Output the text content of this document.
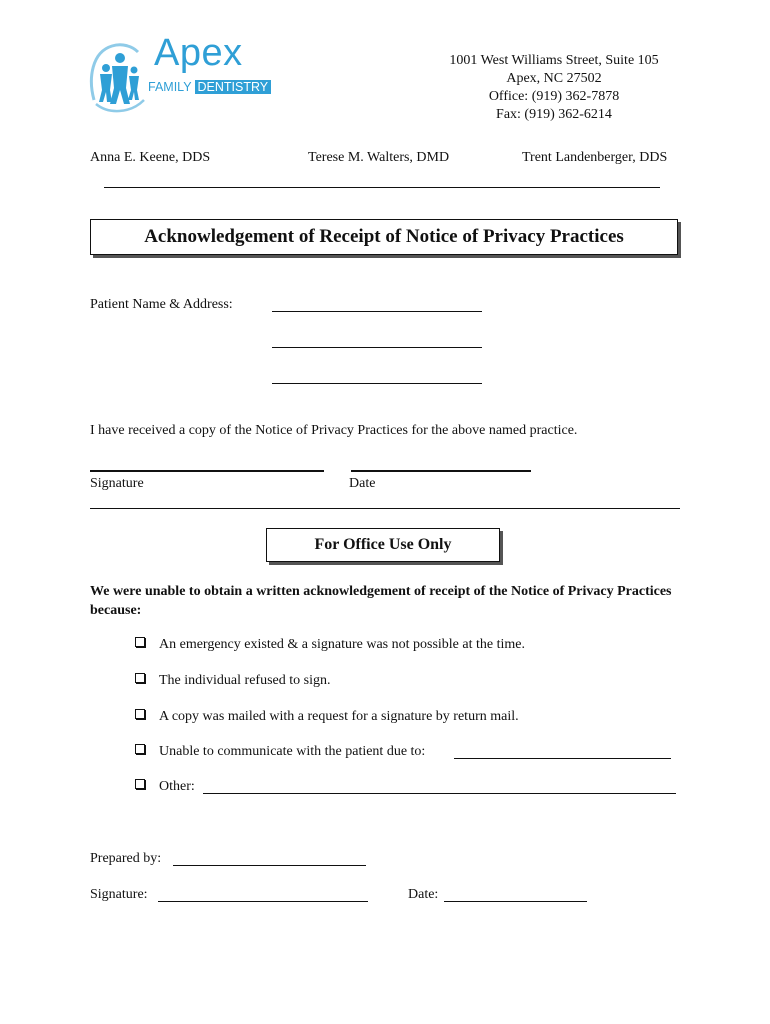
Apex
FAMILY DENTISTRY
1001 West Williams Street, Suite 105
Apex, NC 27502
Office: (919) 362-7878
Fax: (919) 362-6214
Anna E. Keene, DDS	Terese M. Walters, DMD	Trent Landenberger, DDS
Acknowledgement of Receipt of Notice of Privacy Practices
Patient Name & Address:
I have received a copy of the Notice of Privacy Practices for the above named practice.
Signature	Date
For Office Use Only
We were unable to obtain a written acknowledgement of receipt of the Notice of Privacy Practices because:
An emergency existed & a signature was not possible at the time.
The individual refused to sign.
A copy was mailed with a request for a signature by return mail.
Unable to communicate with the patient due to:
Other:
Prepared by:
Signature:	Date:
